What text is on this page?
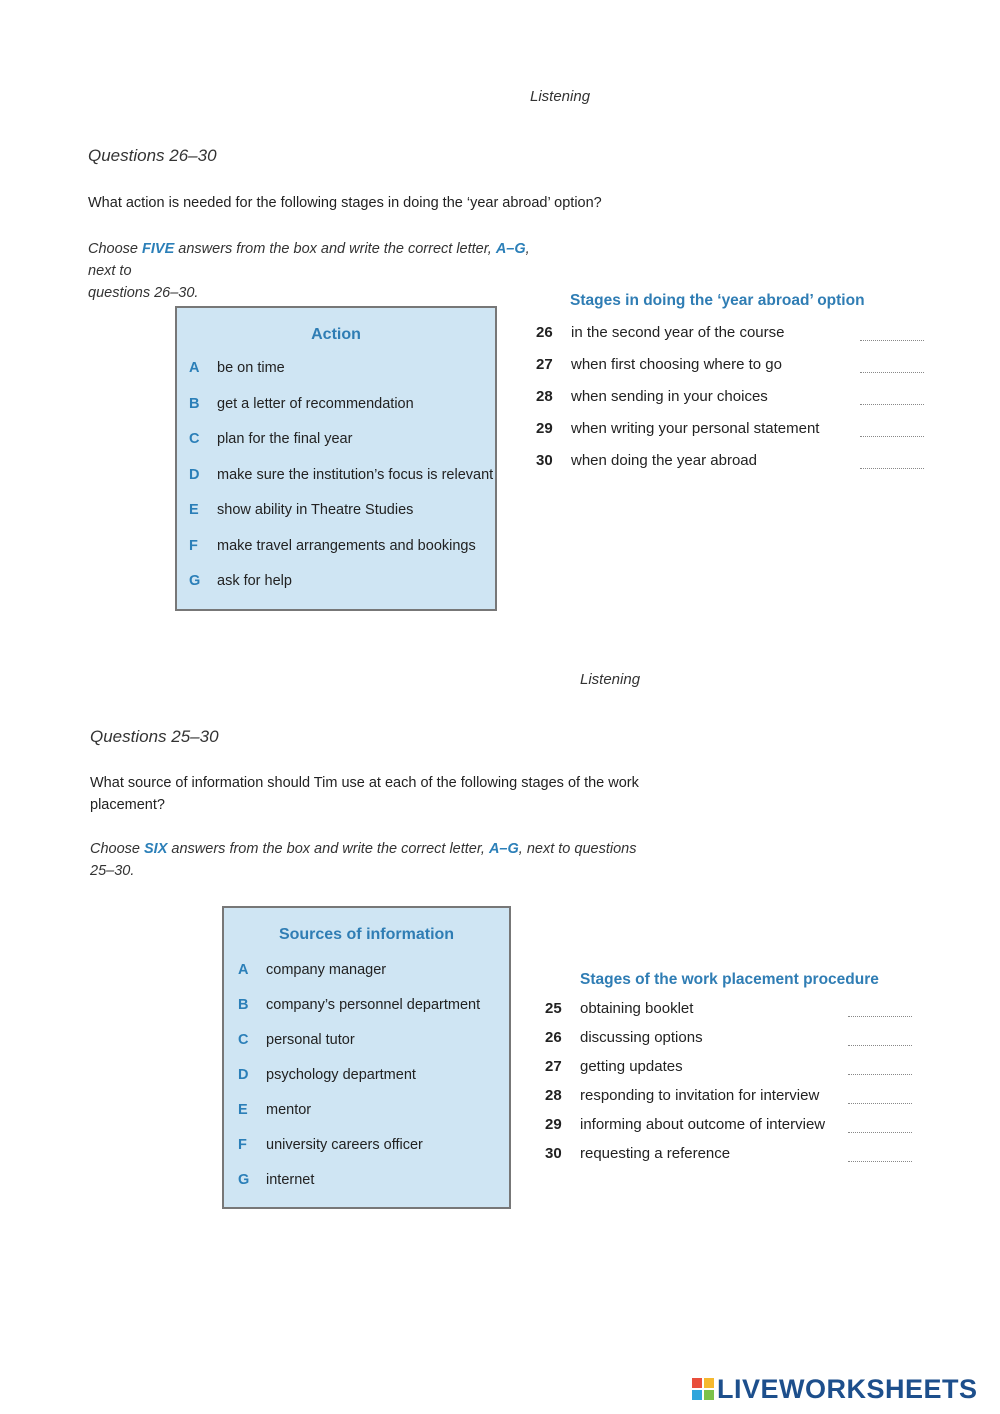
Listening
Questions 26–30
What action is needed for the following stages in doing the ‘year abroad’ option?
Choose FIVE answers from the box and write the correct letter, A–G, next to
questions 26–30.
Action
A be on time
B get a letter of recommendation
C plan for the final year
D make sure the institution’s focus is relevant
E show ability in Theatre Studies
F make travel arrangements and bookings
G ask for help
Stages in doing the ‘year abroad’ option
26 in the second year of the course
27 when first choosing where to go
28 when sending in your choices
29 when writing your personal statement
30 when doing the year abroad
Listening
Questions 25–30
What source of information should Tim use at each of the following stages of the work
placement?
Choose SIX answers from the box and write the correct letter, A–G, next to questions
25–30.
Sources of information
A company manager
B company’s personnel department
C personal tutor
D psychology department
E mentor
F university careers officer
G internet
Stages of the work placement procedure
25 obtaining booklet
26 discussing options
27 getting updates
28 responding to invitation for interview
29 informing about outcome of interview
30 requesting a reference
LIVEWORKSHEETS
